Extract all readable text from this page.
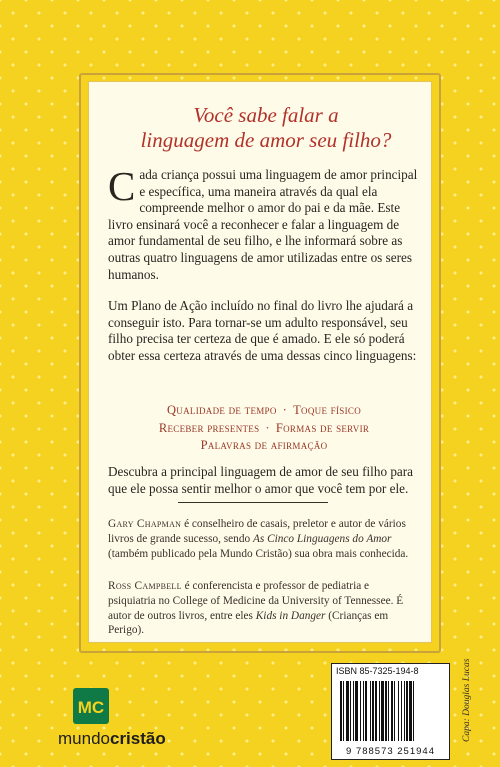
Você sabe falar a
linguagem de amor seu filho?
Cada criança possui uma linguagem de amor principal e específica, uma maneira através da qual ela compreende melhor o amor do pai e da mãe. Este livro ensinará você a reconhecer e falar a linguagem de amor fundamental de seu filho, e lhe informará sobre as outras quatro linguagens de amor utilizadas entre os seres humanos.
Um Plano de Ação incluído no final do livro lhe ajudará a conseguir isto. Para tornar-se um adulto responsável, seu filho precisa ter certeza de que é amado. E ele só poderá obter essa certeza através de uma dessas cinco linguagens:
Qualidade de tempo · Toque físico
Receber presentes · Formas de servir
Palavras de afirmação
Descubra a principal linguagem de amor de seu filho para que ele possa sentir melhor o amor que você tem por ele.
Gary Chapman é conselheiro de casais, preletor e autor de vários livros de grande sucesso, sendo As Cinco Linguagens do Amor (também publicado pela Mundo Cristão) sua obra mais conhecida.
Ross Campbell é conferencista e professor de pediatria e psiquiatria no College of Medicine da University of Tennessee. É autor de outros livros, entre eles Kids in Danger (Crianças em Perigo).
MC
mundocristão
ISBN 85-7325-194-8
9 788573 251944
Capa: Douglas Lucas
